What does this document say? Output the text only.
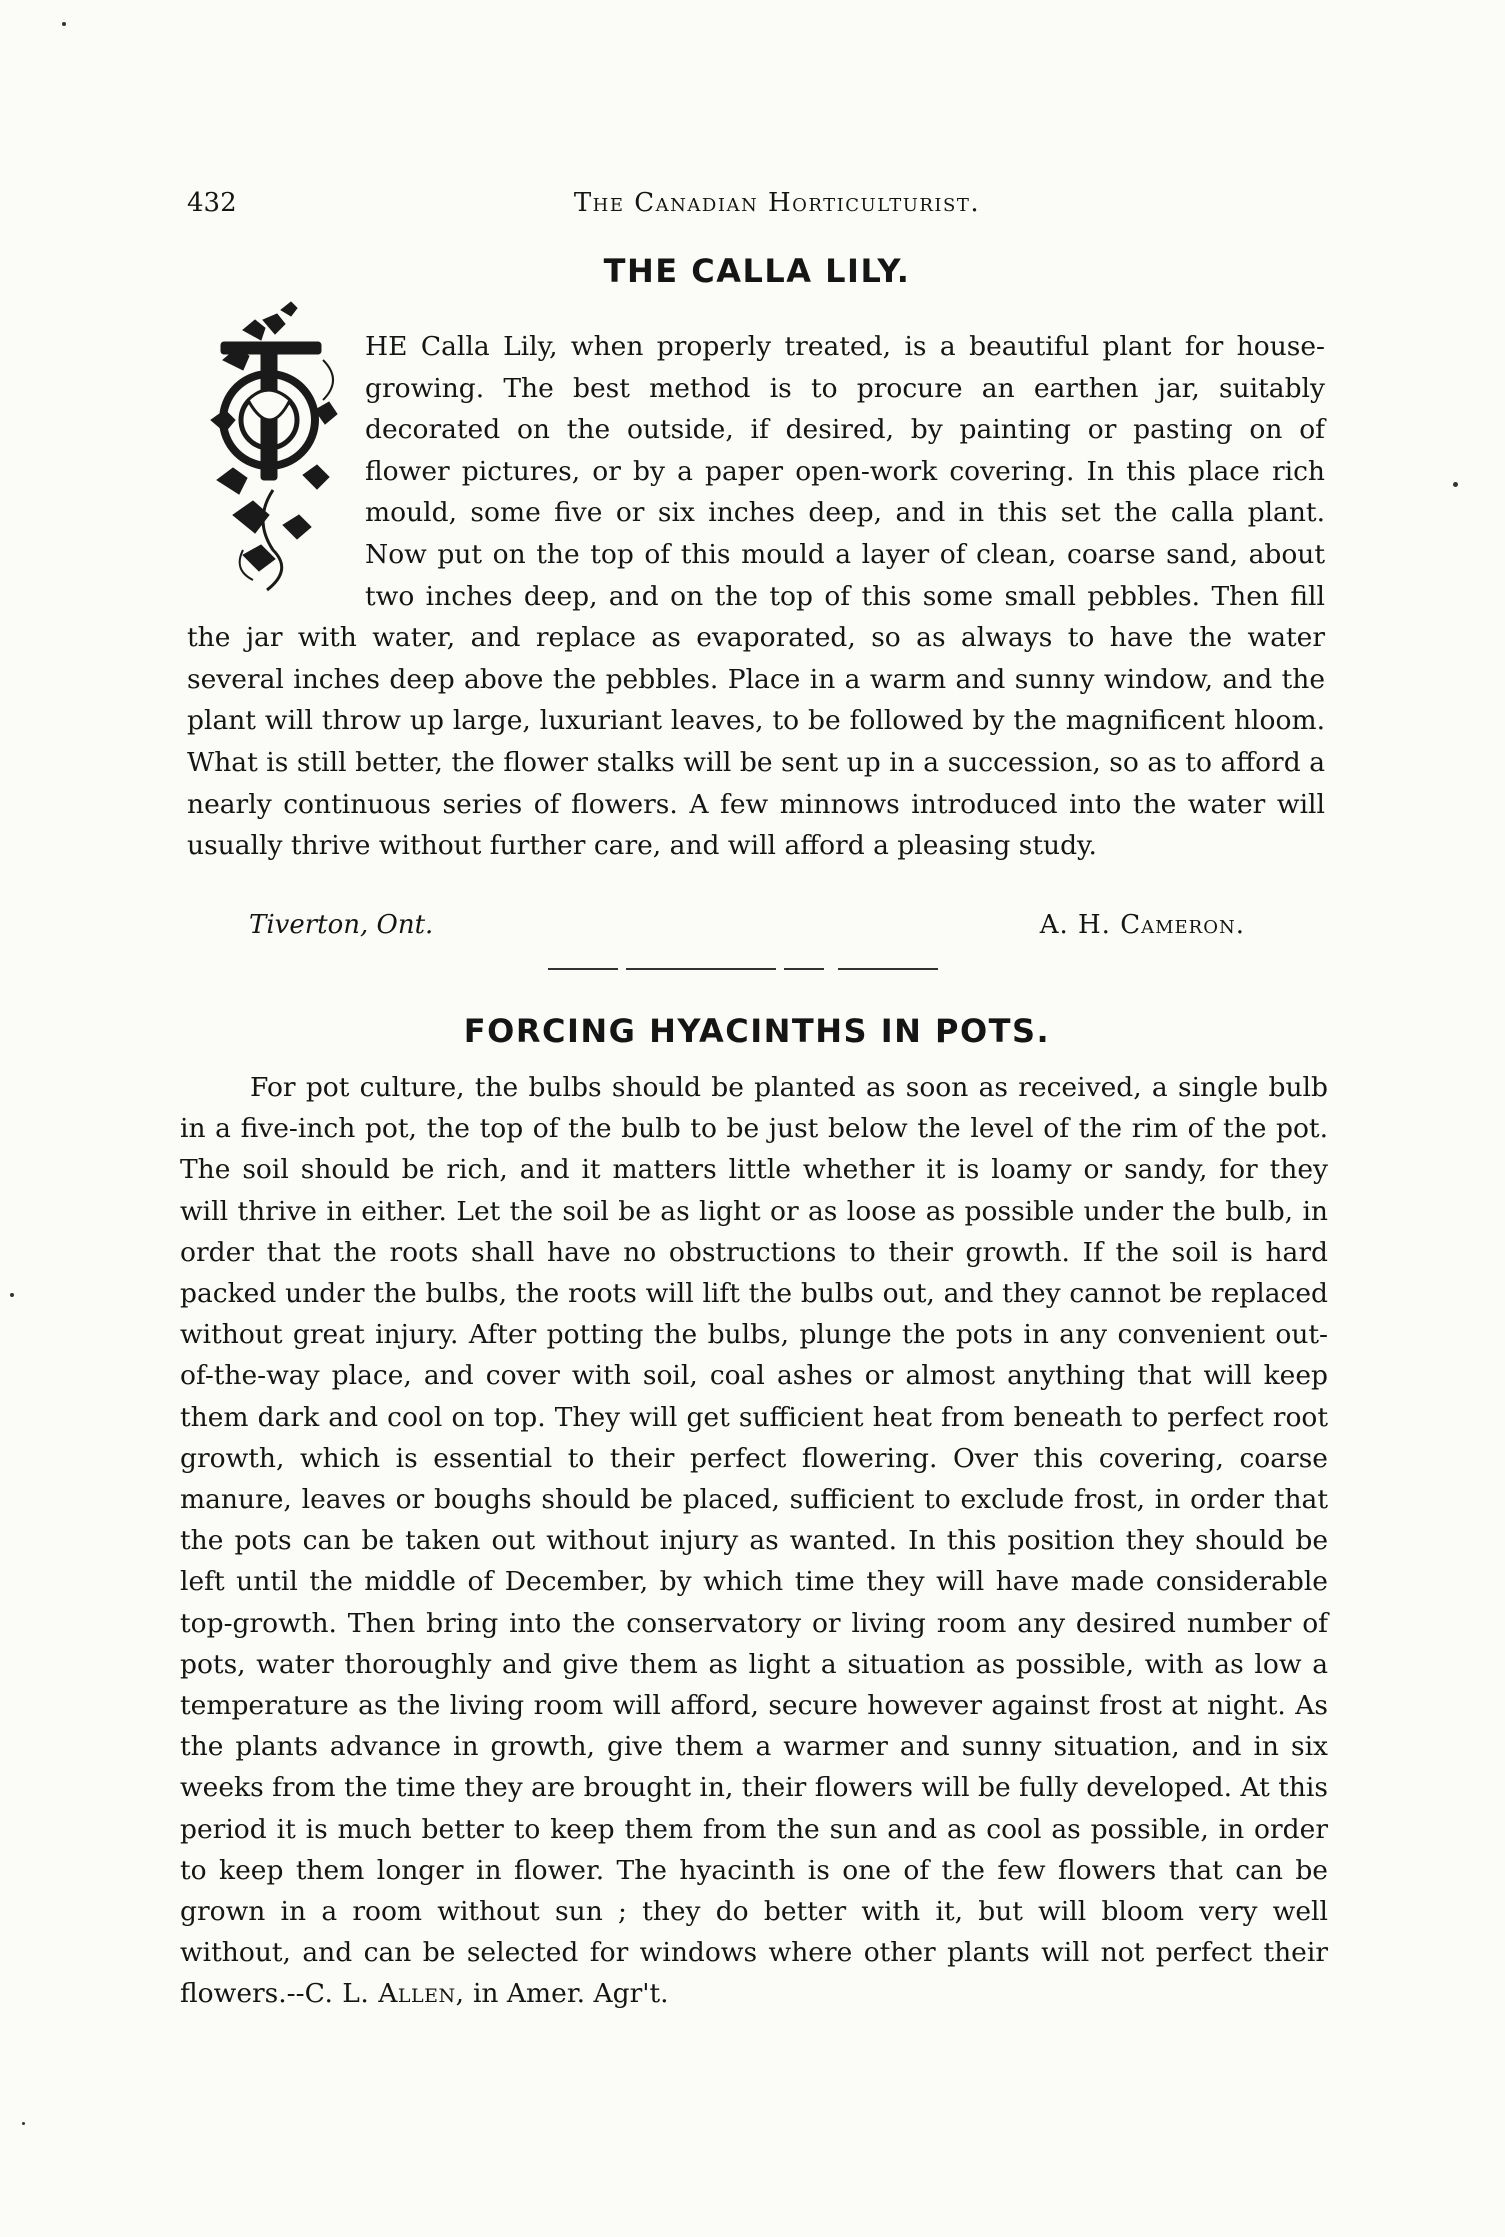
432	The Canadian Horticulturist.
THE CALLA LILY.

HE Calla Lily, when properly treated, is a beautiful plant for house-growing. The best method is to procure an earthen jar, suitably decorated on the outside, if desired, by painting or pasting on of flower pictures, or by a paper open-work covering. In this place rich mould, some five or six inches deep, and in this set the calla plant. Now put on the top of this mould a layer of clean, coarse sand, about two inches deep, and on the top of this some small pebbles. Then fill the jar with water, and replace as evaporated, so as always to have the water several inches deep above the pebbles. Place in a warm and sunny window, and the plant will throw up large, luxuriant leaves, to be followed by the magnificent hloom. What is still better, the flower stalks will be sent up in a succession, so as to afford a nearly continuous series of flowers. A few minnows introduced into the water will usually thrive without further care, and will afford a pleasing study.

Tiverton, Ont.	A. H. Cameron.
FORCING HYACINTHS IN POTS.

For pot culture, the bulbs should be planted as soon as received, a single bulb in a five-inch pot, the top of the bulb to be just below the level of the rim of the pot. The soil should be rich, and it matters little whether it is loamy or sandy, for they will thrive in either. Let the soil be as light or as loose as possible under the bulb, in order that the roots shall have no obstructions to their growth. If the soil is hard packed under the bulbs, the roots will lift the bulbs out, and they cannot be replaced without great injury. After potting the bulbs, plunge the pots in any convenient out-of-the-way place, and cover with soil, coal ashes or almost anything that will keep them dark and cool on top. They will get sufficient heat from beneath to perfect root growth, which is essential to their perfect flowering. Over this covering, coarse manure, leaves or boughs should be placed, sufficient to exclude frost, in order that the pots can be taken out without injury as wanted. In this position they should be left until the middle of December, by which time they will have made considerable top-growth. Then bring into the conservatory or living room any desired number of pots, water thoroughly and give them as light a situation as possible, with as low a temperature as the living room will afford, secure however against frost at night. As the plants advance in growth, give them a warmer and sunny situation, and in six weeks from the time they are brought in, their flowers will be fully developed. At this period it is much better to keep them from the sun and as cool as possible, in order to keep them longer in flower. The hyacinth is one of the few flowers that can be grown in a room without sun ; they do better with it, but will bloom very well without, and can be selected for windows where other plants will not perfect their flowers.--C. L. Allen, in Amer. Agr't.
